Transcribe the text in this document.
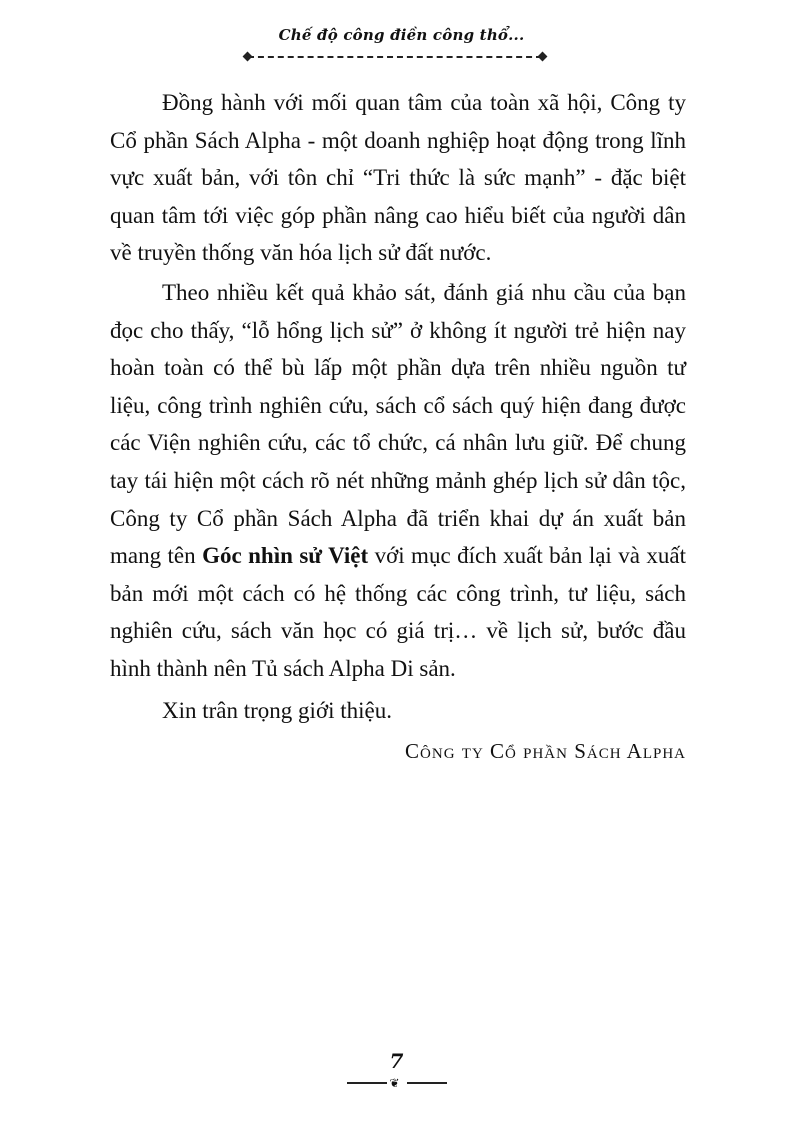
Chế độ công điền công thổ...

Đồng hành với mối quan tâm của toàn xã hội, Công ty Cổ phần Sách Alpha - một doanh nghiệp hoạt động trong lĩnh vực xuất bản, với tôn chỉ “Tri thức là sức mạnh” - đặc biệt quan tâm tới việc góp phần nâng cao hiểu biết của người dân về truyền thống văn hóa lịch sử đất nước.

Theo nhiều kết quả khảo sát, đánh giá nhu cầu của bạn đọc cho thấy, “lỗ hổng lịch sử” ở không ít người trẻ hiện nay hoàn toàn có thể bù lấp một phần dựa trên nhiều nguồn tư liệu, công trình nghiên cứu, sách cổ sách quý hiện đang được các Viện nghiên cứu, các tổ chức, cá nhân lưu giữ. Để chung tay tái hiện một cách rõ nét những mảnh ghép lịch sử dân tộc, Công ty Cổ phần Sách Alpha đã triển khai dự án xuất bản mang tên Góc nhìn sử Việt với mục đích xuất bản lại và xuất bản mới một cách có hệ thống các công trình, tư liệu, sách nghiên cứu, sách văn học có giá trị… về lịch sử, bước đầu hình thành nên Tủ sách Alpha Di sản.

Xin trân trọng giới thiệu.

Công ty Cổ phần Sách Alpha

7
❦
